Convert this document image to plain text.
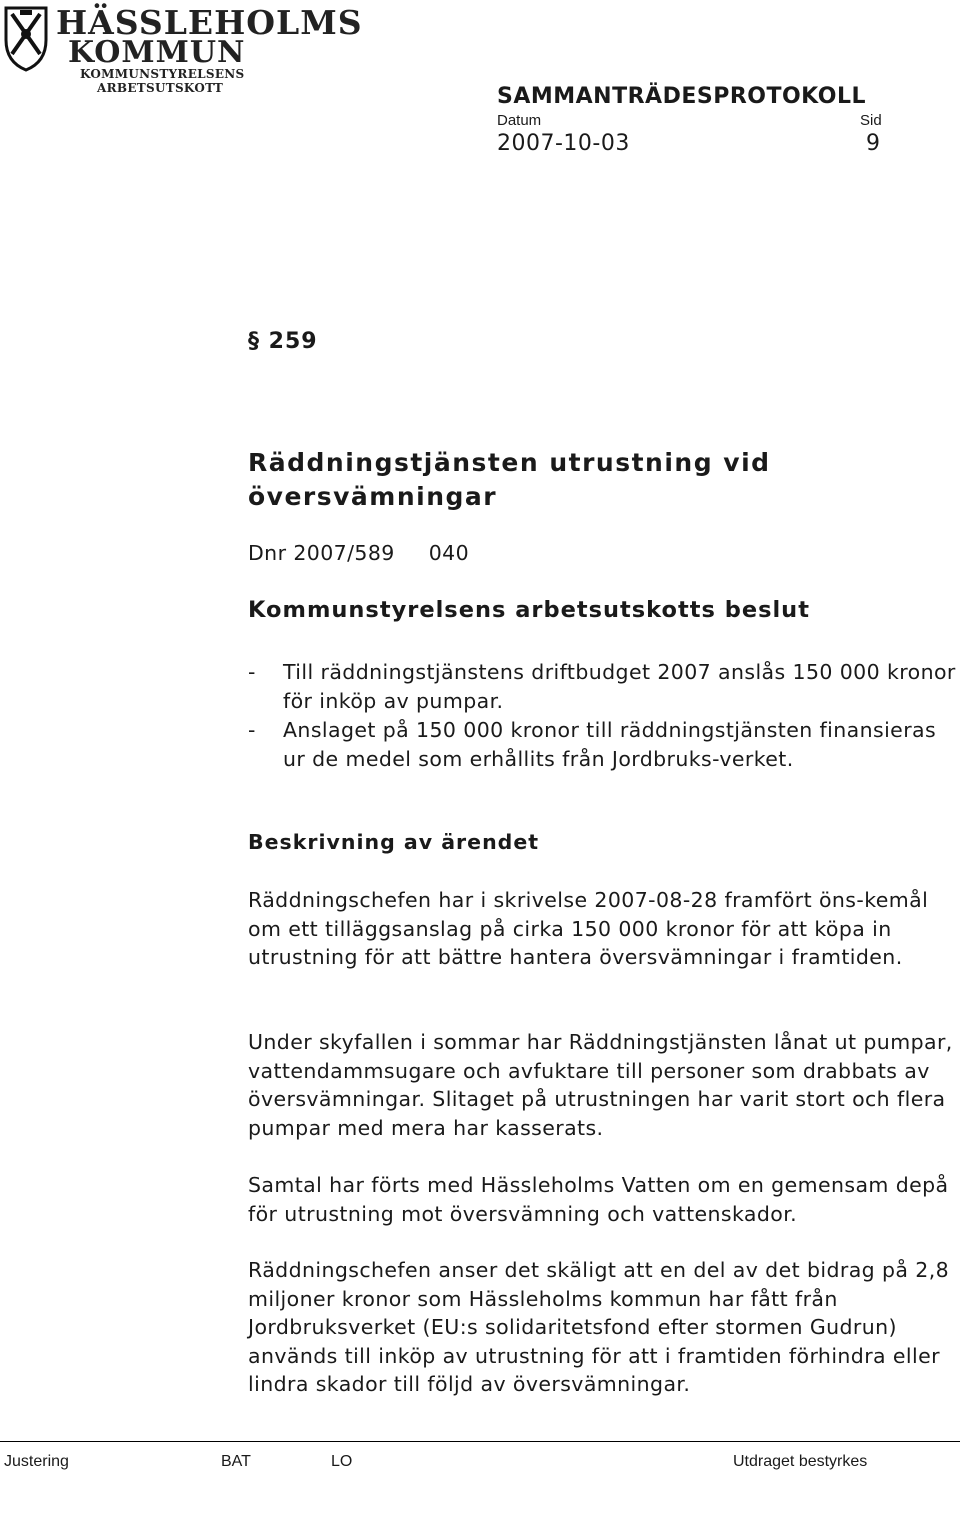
HÄSSLEHOLMS
KOMMUN
KOMMUNSTYRELSENS
ARBETSUTSKOTT	SAMMANTRÄDESPROTOKOLL
Datum	Sid
2007-10-03	9
§ 259
Räddningstjänsten utrustning vid översvämningar
Dnr 2007/589 040
Kommunstyrelsens arbetsutskotts beslut
- Till räddningstjänstens driftbudget 2007 anslås 150 000 kronor för inköp av pumpar.
- Anslaget på 150 000 kronor till räddningstjänsten finansieras ur de medel som erhållits från Jordbruks-verket.
Beskrivning av ärendet

Räddningschefen har i skrivelse 2007-08-28 framfört öns-kemål om ett tilläggsanslag på cirka 150 000 kronor för att köpa in utrustning för att bättre hantera översvämningar i framtiden.

Under skyfallen i sommar har Räddningstjänsten lånat ut pumpar, vattendammsugare och avfuktare till personer som drabbats av översvämningar. Slitaget på utrustningen har varit stort och flera pumpar med mera har kasserats.

Samtal har förts med Hässleholms Vatten om en gemensam depå för utrustning mot översvämning och vattenskador.

Räddningschefen anser det skäligt att en del av det bidrag på 2,8 miljoner kronor som Hässleholms kommun har fått från Jordbruksverket (EU:s solidaritetsfond efter stormen Gudrun) används till inköp av utrustning för att i framtiden förhindra eller lindra skador till följd av översvämningar.

Justering	BAT	LO	Utdraget bestyrkes
